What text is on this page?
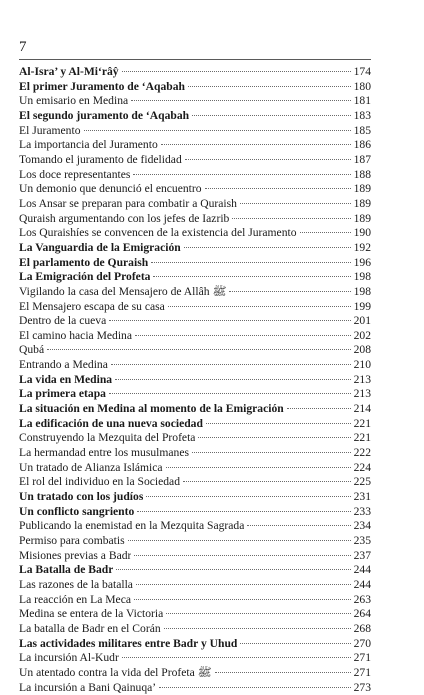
7
Al-Isra’ y Al-Mi‘râŷ	174
El primer Juramento de ‘Aqabah	180
Un emisario en Medina	181
El segundo juramento de ‘Aqabah	183
El Juramento	185
La importancia del Juramento	186
Tomando el juramento de fidelidad	187
Los doce representantes	188
Un demonio que denunció el encuentro	189
Los Ansar se preparan para combatir a Quraish	189
Quraish argumentando con los jefes de Iazrib	189
Los Quraishíes se convencen de la existencia del Juramento	190
La Vanguardia de la Emigración	192
El parlamento de Quraish	196
La Emigración del Profeta	198
Vigilando la casa del Mensajero de Allâh ﷺ	198
El Mensajero escapa de su casa	199
Dentro de la cueva	201
El camino hacia Medina	202
Qubá	208
Entrando a Medina	210
La vida en Medina	213
La primera etapa	213
La situación en Medina al momento de la Emigración	214
La edificación de una nueva sociedad	221
Construyendo la Mezquita del Profeta	221
La hermandad entre los musulmanes	222
Un tratado de Alianza Islámica	224
El rol del individuo en la Sociedad	225
Un tratado con los judíos	231
Un conflicto sangriento	233
Publicando la enemistad en la Mezquita Sagrada	234
Permiso para combatis	235
Misiones previas a Badr	237
La Batalla de Badr	244
Las razones de la batalla	244
La reacción en La Meca	263
Medina se entera de la Victoria	264
La batalla de Badr en el Corán	268
Las actividades militares entre Badr y Uhud	270
La incursión Al-Kudr	271
Un atentado contra la vida del Profeta ﷺ	271
La incursión a Bani Qainuqa’	273
